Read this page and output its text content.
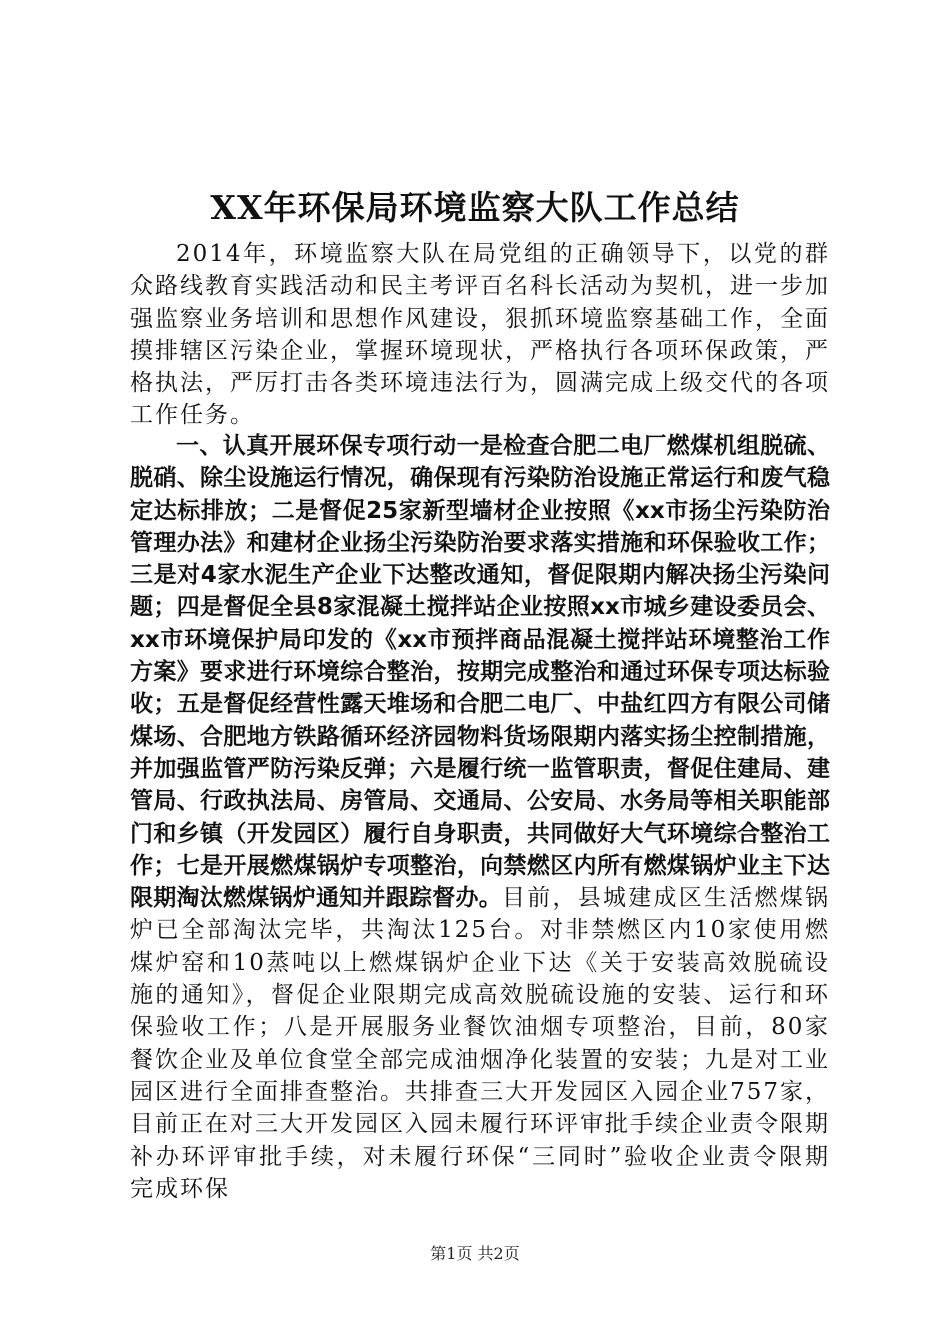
XX年环保局环境监察大队工作总结

2014年，环境监察大队在局党组的正确领导下，以党的群众路线教育实践活动和民主考评百名科长活动为契机，进一步加强监察业务培训和思想作风建设，狠抓环境监察基础工作，全面摸排辖区污染企业，掌握环境现状，严格执行各项环保政策，严格执法，严厉打击各类环境违法行为，圆满完成上级交代的各项工作任务。

一、认真开展环保专项行动一是检查合肥二电厂燃煤机组脱硫、脱硝、除尘设施运行情况，确保现有污染防治设施正常运行和废气稳定达标排放；二是督促25家新型墙材企业按照《xx市扬尘污染防治管理办法》和建材企业扬尘污染防治要求落实措施和环保验收工作；三是对4家水泥生产企业下达整改通知，督促限期内解决扬尘污染问题；四是督促全县8家混凝土搅拌站企业按照xx市城乡建设委员会、xx市环境保护局印发的《xx市预拌商品混凝土搅拌站环境整治工作方案》要求进行环境综合整治，按期完成整治和通过环保专项达标验收；五是督促经营性露天堆场和合肥二电厂、中盐红四方有限公司储煤场、合肥地方铁路循环经济园物料货场限期内落实扬尘控制措施，并加强监管严防污染反弹；六是履行统一监管职责，督促住建局、建管局、行政执法局、房管局、交通局、公安局、水务局等相关职能部门和乡镇（开发园区）履行自身职责，共同做好大气环境综合整治工作；七是开展燃煤锅炉专项整治，向禁燃区内所有燃煤锅炉业主下达限期淘汰燃煤锅炉通知并跟踪督办。目前，县城建成区生活燃煤锅炉已全部淘汰完毕，共淘汰125台。对非禁燃区内10家使用燃煤炉窑和10蒸吨以上燃煤锅炉企业下达《关于安装高效脱硫设施的通知》，督促企业限期完成高效脱硫设施的安装、运行和环保验收工作；八是开展服务业餐饮油烟专项整治，目前，80家餐饮企业及单位食堂全部完成油烟净化装置的安装；九是对工业园区进行全面排查整治。共排查三大开发园区入园企业757家，目前正在对三大开发园区入园未履行环评审批手续企业责令限期补办环评审批手续，对未履行环保“三同时”验收企业责令限期完成环保

第1页 共2页
